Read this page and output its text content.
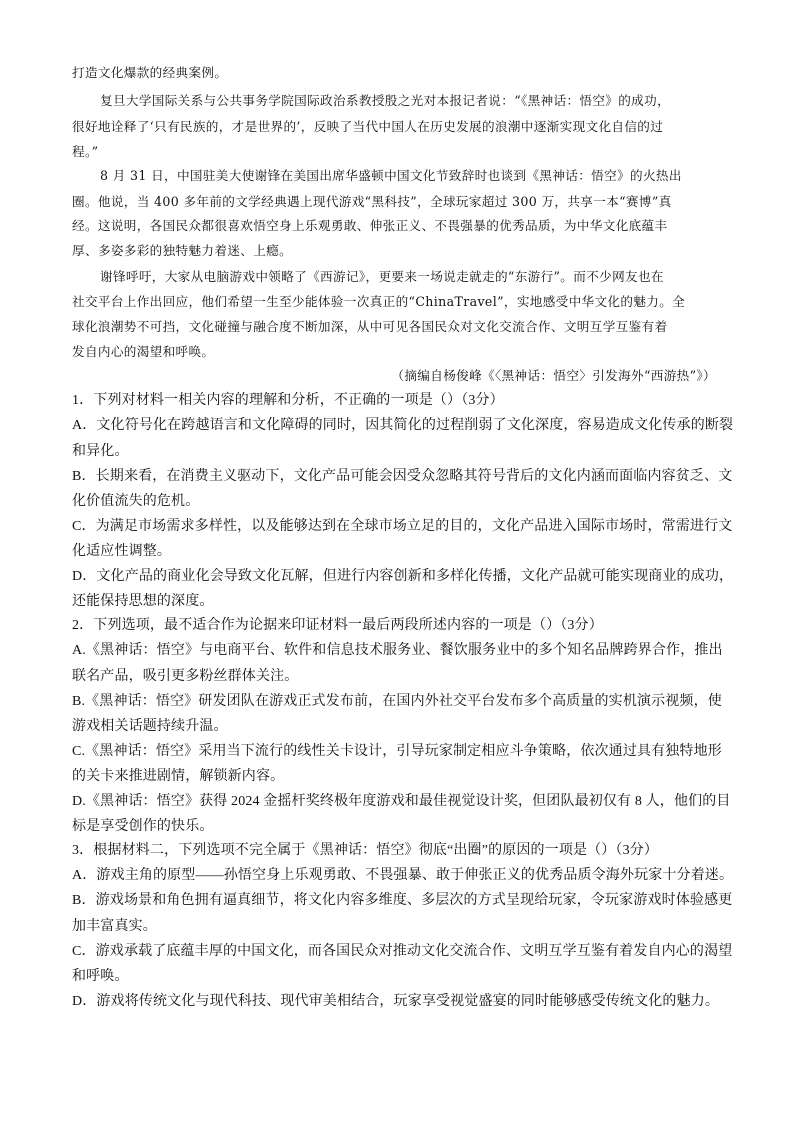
打造文化爆款的经典案例。
复旦大学国际关系与公共事务学院国际政治系教授殷之光对本报记者说：“《黑神话：悟空》的成功，
很好地诠释了‘只有民族的，才是世界的’，反映了当代中国人在历史发展的浪潮中逐渐实现文化自信的过
程。”
8 月 31 日，中国驻美大使谢锋在美国出席华盛顿中国文化节致辞时也谈到《黑神话：悟空》的火热出
圈。他说，当 400 多年前的文学经典遇上现代游戏“黑科技”，全球玩家超过 300 万，共享一本“赛博”真
经。这说明，各国民众都很喜欢悟空身上乐观勇敢、伸张正义、不畏强暴的优秀品质，为中华文化底蕴丰
厚、多姿多彩的独特魅力着迷、上瘾。
谢锋呼吁，大家从电脑游戏中领略了《西游记》，更要来一场说走就走的“东游行”。而不少网友也在
社交平台上作出回应，他们希望一生至少能体验一次真正的“ChinaTravel”，实地感受中华文化的魅力。全
球化浪潮势不可挡，文化碰撞与融合度不断加深，从中可见各国民众对文化交流合作、文明互学互鉴有着
发自内心的渴望和呼唤。
（摘编自杨俊峰《〈黑神话：悟空〉引发海外“西游热”》）
1．下列对材料一相关内容的理解和分析，不正确的一项是（）（3分）
A．文化符号化在跨越语言和文化障碍的同时，因其简化的过程削弱了文化深度，容易造成文化传承的断裂
和异化。
B．长期来看，在消费主义驱动下，文化产品可能会因受众忽略其符号背后的文化内涵而面临内容贫乏、文
化价值流失的危机。
C．为满足市场需求多样性，以及能够达到在全球市场立足的目的，文化产品进入国际市场时，常需进行文
化适应性调整。
D．文化产品的商业化会导致文化瓦解，但进行内容创新和多样化传播，文化产品就可能实现商业的成功，
还能保持思想的深度。
2．下列选项，最不适合作为论据来印证材料一最后两段所述内容的一项是（）（3分）
A.《黑神话：悟空》与电商平台、软件和信息技术服务业、餐饮服务业中的多个知名品牌跨界合作，推出
联名产品，吸引更多粉丝群体关注。
B.《黑神话：悟空》研发团队在游戏正式发布前，在国内外社交平台发布多个高质量的实机演示视频，使
游戏相关话题持续升温。
C.《黑神话：悟空》采用当下流行的线性关卡设计，引导玩家制定相应斗争策略，依次通过具有独特地形
的关卡来推进剧情，解锁新内容。
D.《黑神话：悟空》获得 2024 金摇杆奖终极年度游戏和最佳视觉设计奖，但团队最初仅有 8 人，他们的目
标是享受创作的快乐。
3．根据材料二，下列选项不完全属于《黑神话：悟空》彻底“出圈”的原因的一项是（）（3分）
A．游戏主角的原型——孙悟空身上乐观勇敢、不畏强暴、敢于伸张正义的优秀品质令海外玩家十分着迷。
B．游戏场景和角色拥有逼真细节，将文化内容多维度、多层次的方式呈现给玩家，令玩家游戏时体验感更
加丰富真实。
C．游戏承载了底蕴丰厚的中国文化，而各国民众对推动文化交流合作、文明互学互鉴有着发自内心的渴望
和呼唤。
D．游戏将传统文化与现代科技、现代审美相结合，玩家享受视觉盛宴的同时能够感受传统文化的魅力。
